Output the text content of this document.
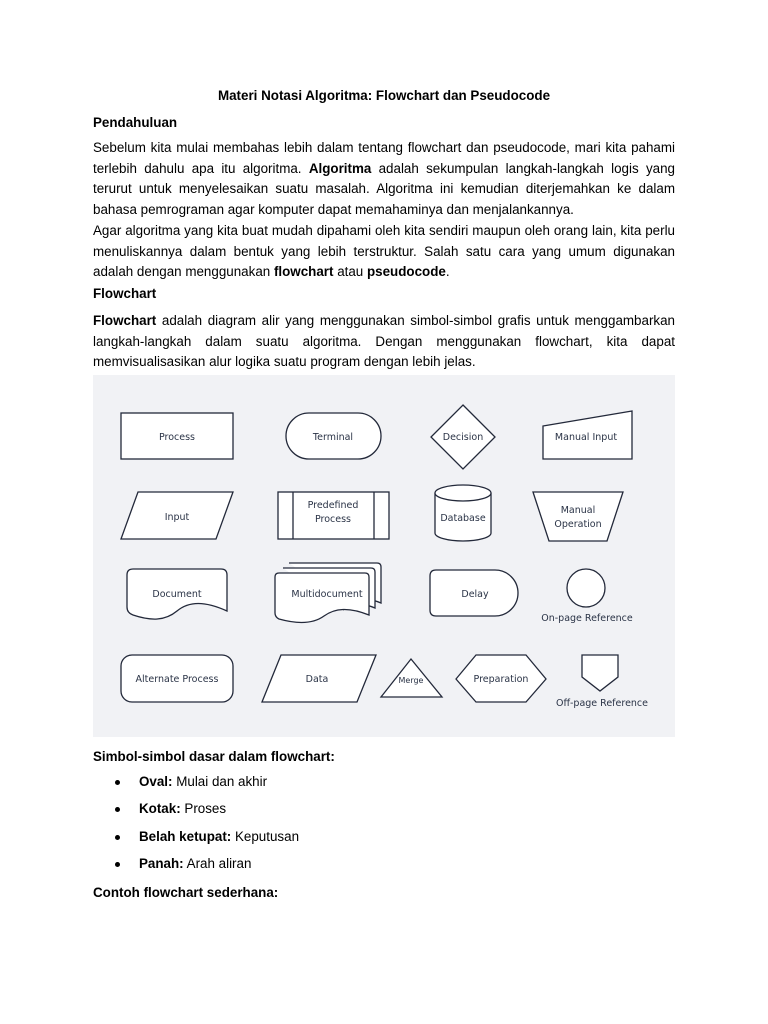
Materi Notasi Algoritma: Flowchart dan Pseudocode
Pendahuluan

Sebelum kita mulai membahas lebih dalam tentang flowchart dan pseudocode, mari kita pahami terlebih dahulu apa itu algoritma. Algoritma adalah sekumpulan langkah-langkah logis yang terurut untuk menyelesaikan suatu masalah. Algoritma ini kemudian diterjemahkan ke dalam bahasa pemrograman agar komputer dapat memahaminya dan menjalankannya.

Agar algoritma yang kita buat mudah dipahami oleh kita sendiri maupun oleh orang lain, kita perlu menuliskannya dalam bentuk yang lebih terstruktur. Salah satu cara yang umum digunakan adalah dengan menggunakan flowchart atau pseudocode.

Flowchart

Flowchart adalah diagram alir yang menggunakan simbol-simbol grafis untuk menggambarkan langkah-langkah dalam suatu algoritma. Dengan menggunakan flowchart, kita dapat memvisualisasikan alur logika suatu program dengan lebih jelas.

Process	Terminal	Decision	Manual Input
Input
Predefined
Process	Database
Manual
Operation
Document	Multidocument	Delay
On-page Reference
Alternate Process	Data	Merge	Preparation
Off-page Reference
Simbol-simbol dasar dalam flowchart:
Oval: Mulai dan akhir
Kotak: Proses
Belah ketupat: Keputusan
Panah: Arah aliran
Contoh flowchart sederhana:
